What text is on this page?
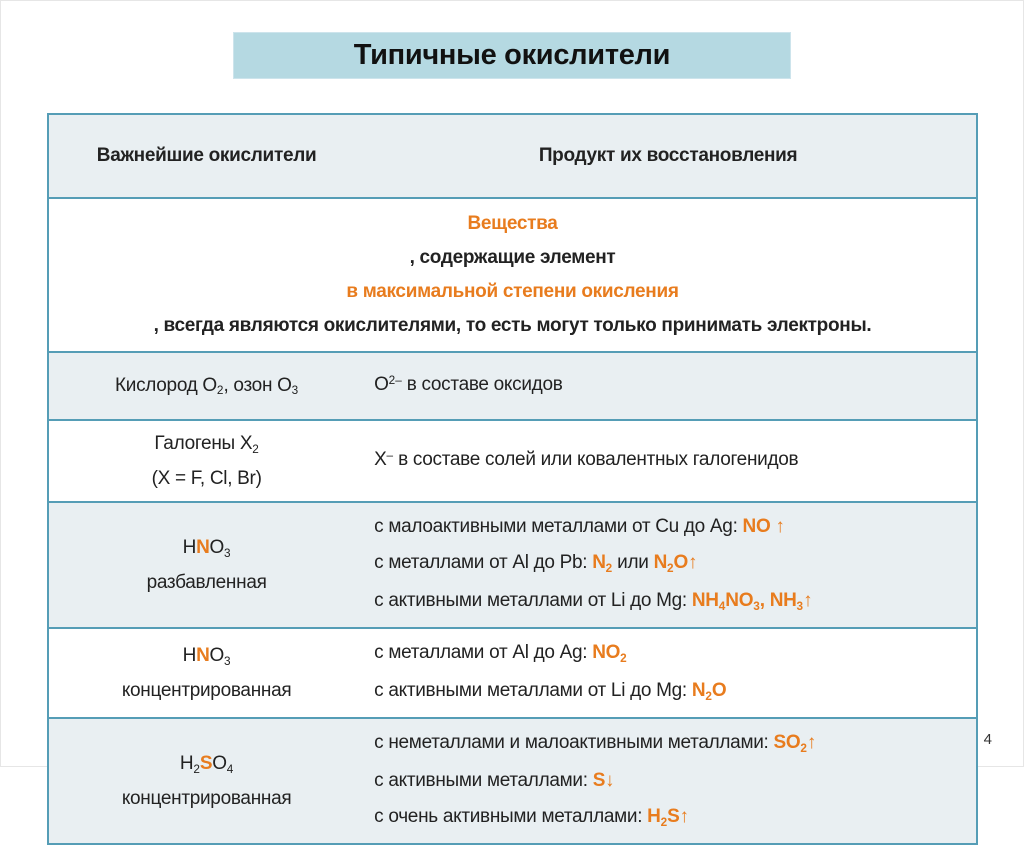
Типичные окислители
Важнейшие окислители	Продукт их восстановления
Вещества
, содержащие элемент
в максимальной степени окисления
, всегда являются окислителями, то есть могут только принимать электроны.
Кислород О2, озон О3	$О^{2-}$ в составе оксидов
Галогены Х2
(X = F, Cl, Br)
Х– в составе солей или ковалентных галогенидов
HNO3
разбавленная
с малоактивными металлами от Cu до Ag: NO ↑
с металлами от Al до Pb: N2 или N2O↑
с активными металлами от Li до Mg: NH4NO3, NH3↑
HNO3
концентрированная
с металлами от Al до Ag: NO2
с активными металлами от Li до Mg: N2O
H2SO4
концентрированная
с неметаллами и малоактивными металлами: SO2↑
с активными металлами: S↓
с очень активными металлами: H2S↑
4
